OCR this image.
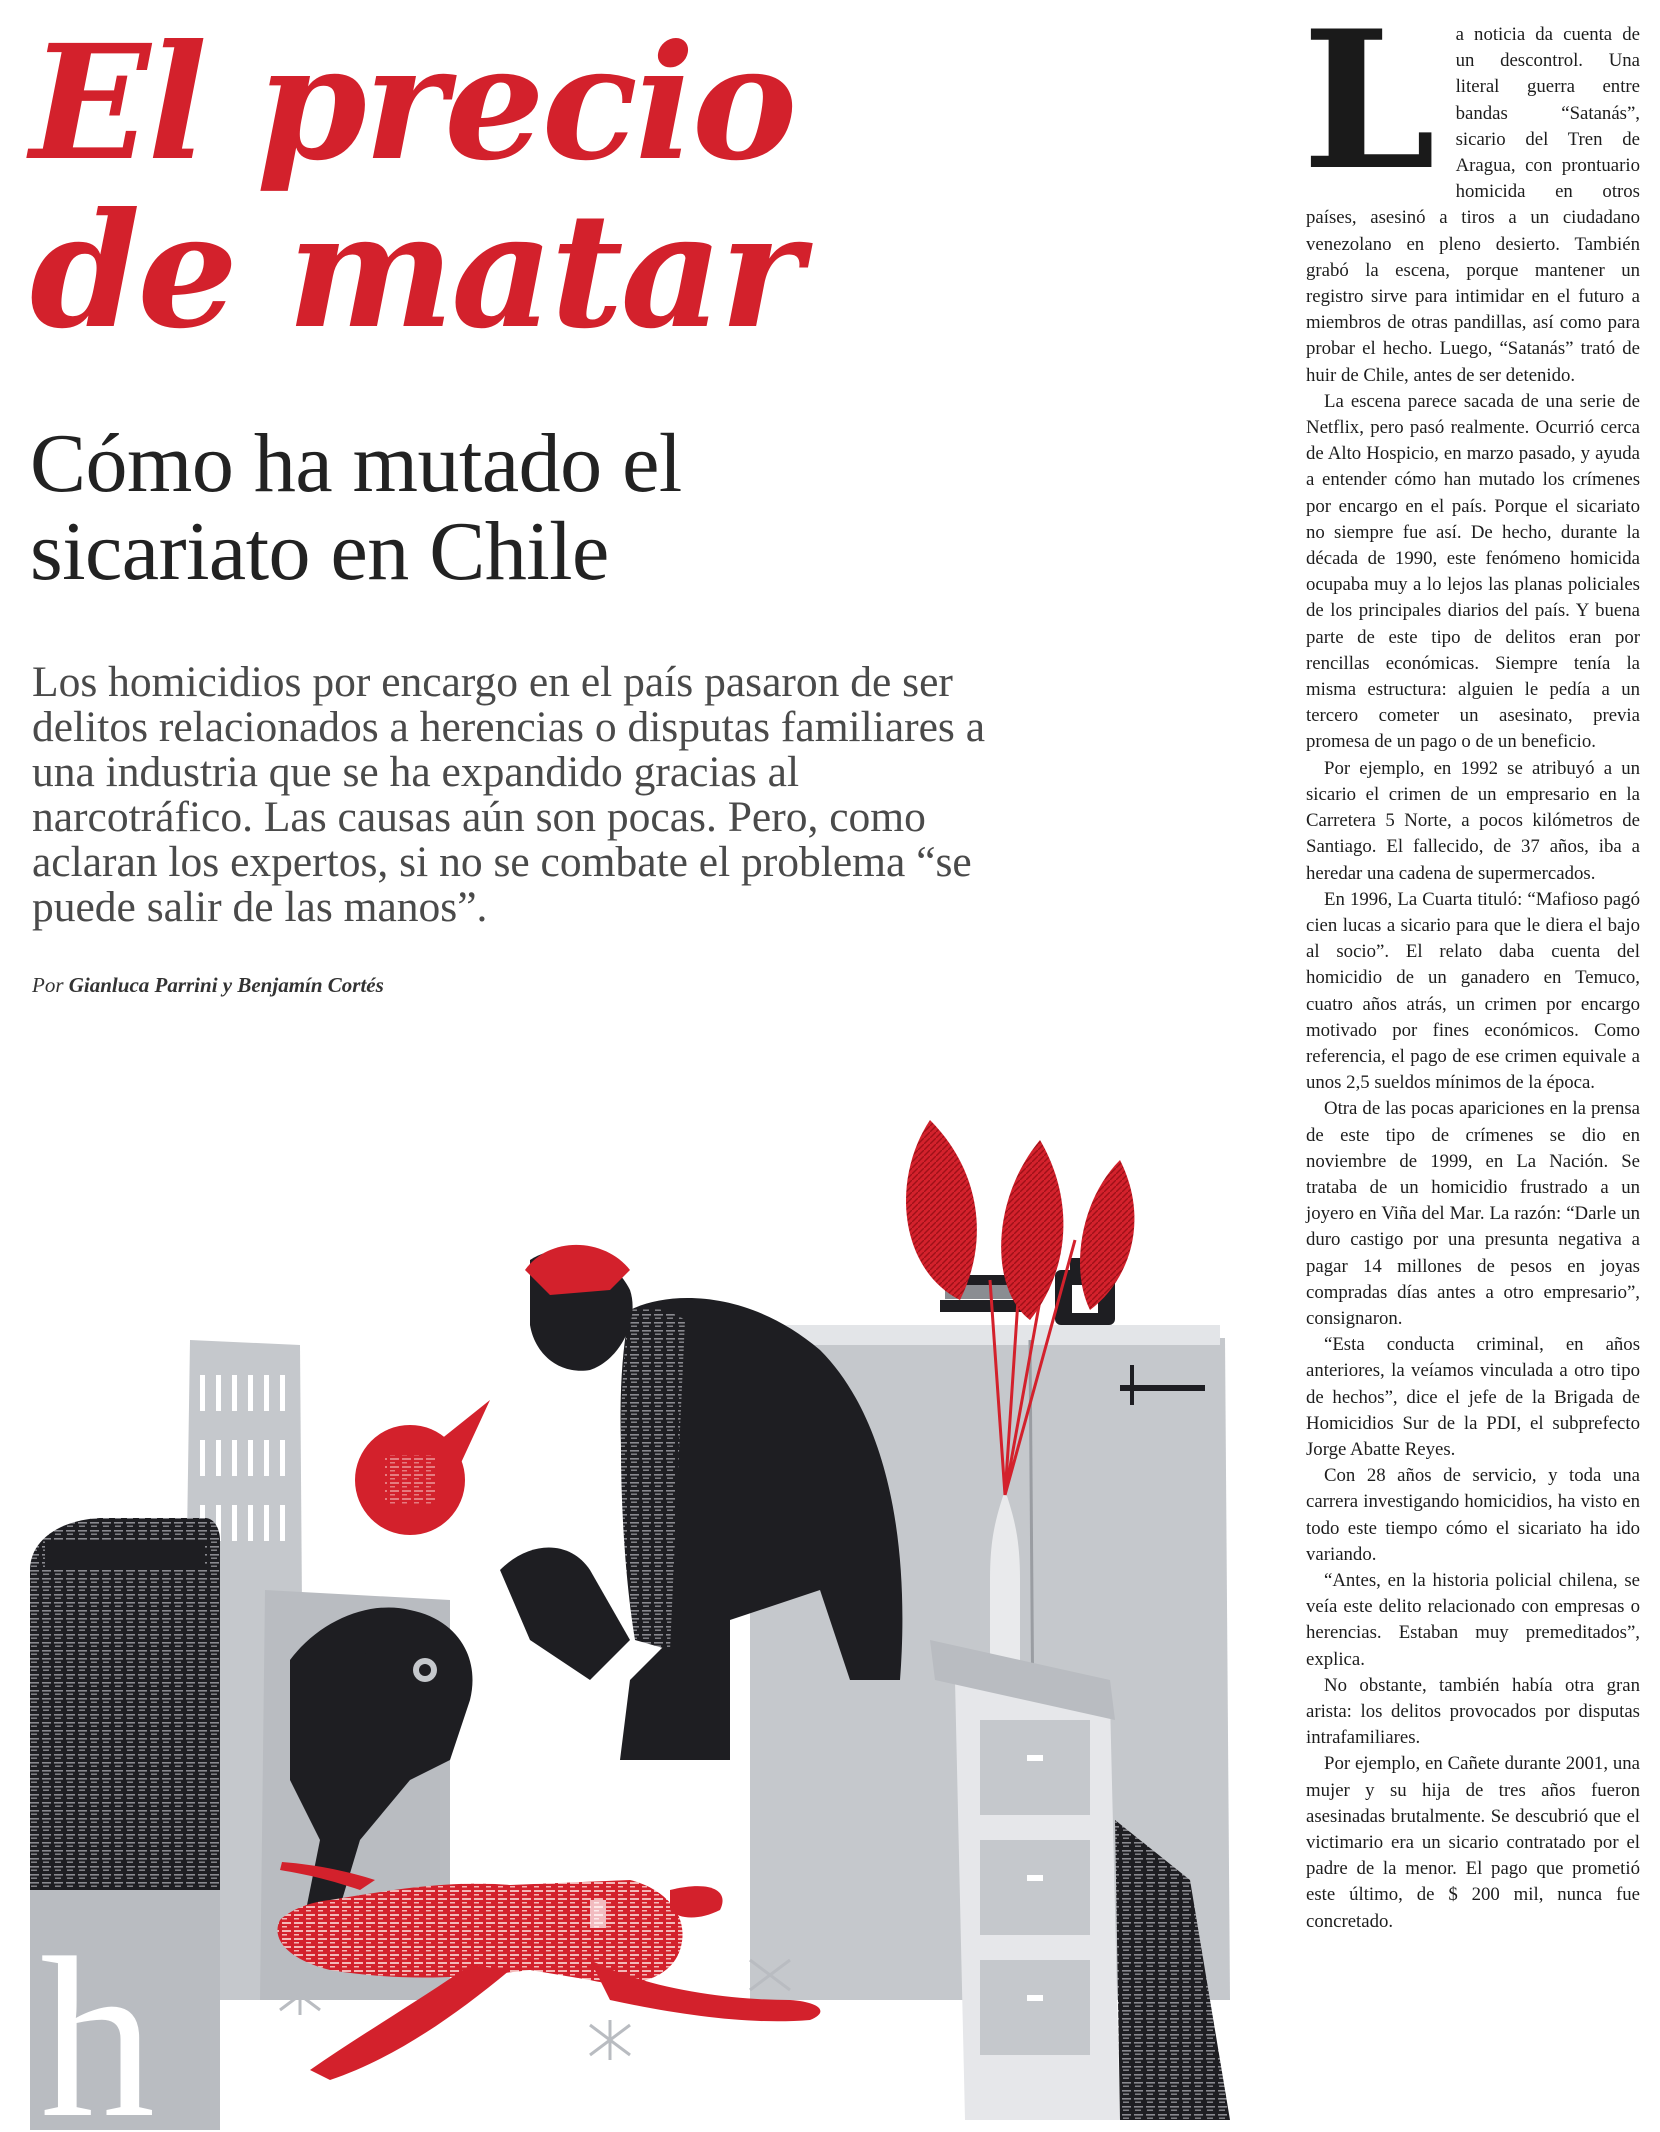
El precio
de matar
Cómo ha mutado el sicariato en Chile

Los homicidios por encargo en el país pasaron de ser delitos relacionados a herencias o disputas familiares a una industria que se ha expandido gracias al narcotráfico. Las causas aún son pocas. Pero, como aclaran los expertos, si no se combate el problema “se puede salir de las manos”.

Por Gianluca Parrini y Benjamín Cortés

h

L a noticia da cuenta de un descontrol. Una literal guerra entre bandas “Satanás”, sicario del Tren de Aragua, con prontuario homicida en otros países, asesinó a tiros a un ciudadano venezolano en pleno desierto. También grabó la escena, porque mantener un registro sirve para intimidar en el futuro a miembros de otras pandillas, así como para probar el hecho. Luego, “Satanás” trató de huir de Chile, antes de ser detenido.

La escena parece sacada de una serie de Netflix, pero pasó realmente. Ocurrió cerca de Alto Hospicio, en marzo pasado, y ayuda a entender cómo han mutado los crímenes por encargo en el país. Porque el sicariato no siempre fue así. De hecho, durante la década de 1990, este fenómeno homicida ocupaba muy a lo lejos las planas policiales de los principales diarios del país. Y buena parte de este tipo de delitos eran por rencillas económicas. Siempre tenía la misma estructura: alguien le pedía a un tercero cometer un asesinato, previa promesa de un pago o de un beneficio.

Por ejemplo, en 1992 se atribuyó a un sicario el crimen de un empresario en la Carretera 5 Norte, a pocos kilómetros de Santiago. El fallecido, de 37 años, iba a heredar una cadena de supermercados.

En 1996, La Cuarta tituló: “Mafioso pagó cien lucas a sicario para que le diera el bajo al socio”. El relato daba cuenta del homicidio de un ganadero en Temuco, cuatro años atrás, un crimen por encargo motivado por fines económicos. Como referencia, el pago de ese crimen equivale a unos 2,5 sueldos mínimos de la época.

Otra de las pocas apariciones en la prensa de este tipo de crímenes se dio en noviembre de 1999, en La Nación. Se trataba de un homicidio frustrado a un joyero en Viña del Mar. La razón: “Darle un duro castigo por una presunta negativa a pagar 14 millones de pesos en joyas compradas días antes a otro empresario”, consignaron.

“Esta conducta criminal, en años anteriores, la veíamos vinculada a otro tipo de hechos”, dice el jefe de la Brigada de Homicidios Sur de la PDI, el subprefecto Jorge Abatte Reyes.

Con 28 años de servicio, y toda una carrera investigando homicidios, ha visto en todo este tiempo cómo el sicariato ha ido variando.

“Antes, en la historia policial chilena, se veía este delito relacionado con empresas o herencias. Estaban muy premeditados”, explica.

No obstante, también había otra gran arista: los delitos provocados por disputas intrafamiliares.

Por ejemplo, en Cañete durante 2001, una mujer y su hija de tres años fueron asesinadas brutalmente. Se descubrió que el victimario era un sicario contratado por el padre de la menor. El pago que prometió este último, de $ 200 mil, nunca fue concretado.
